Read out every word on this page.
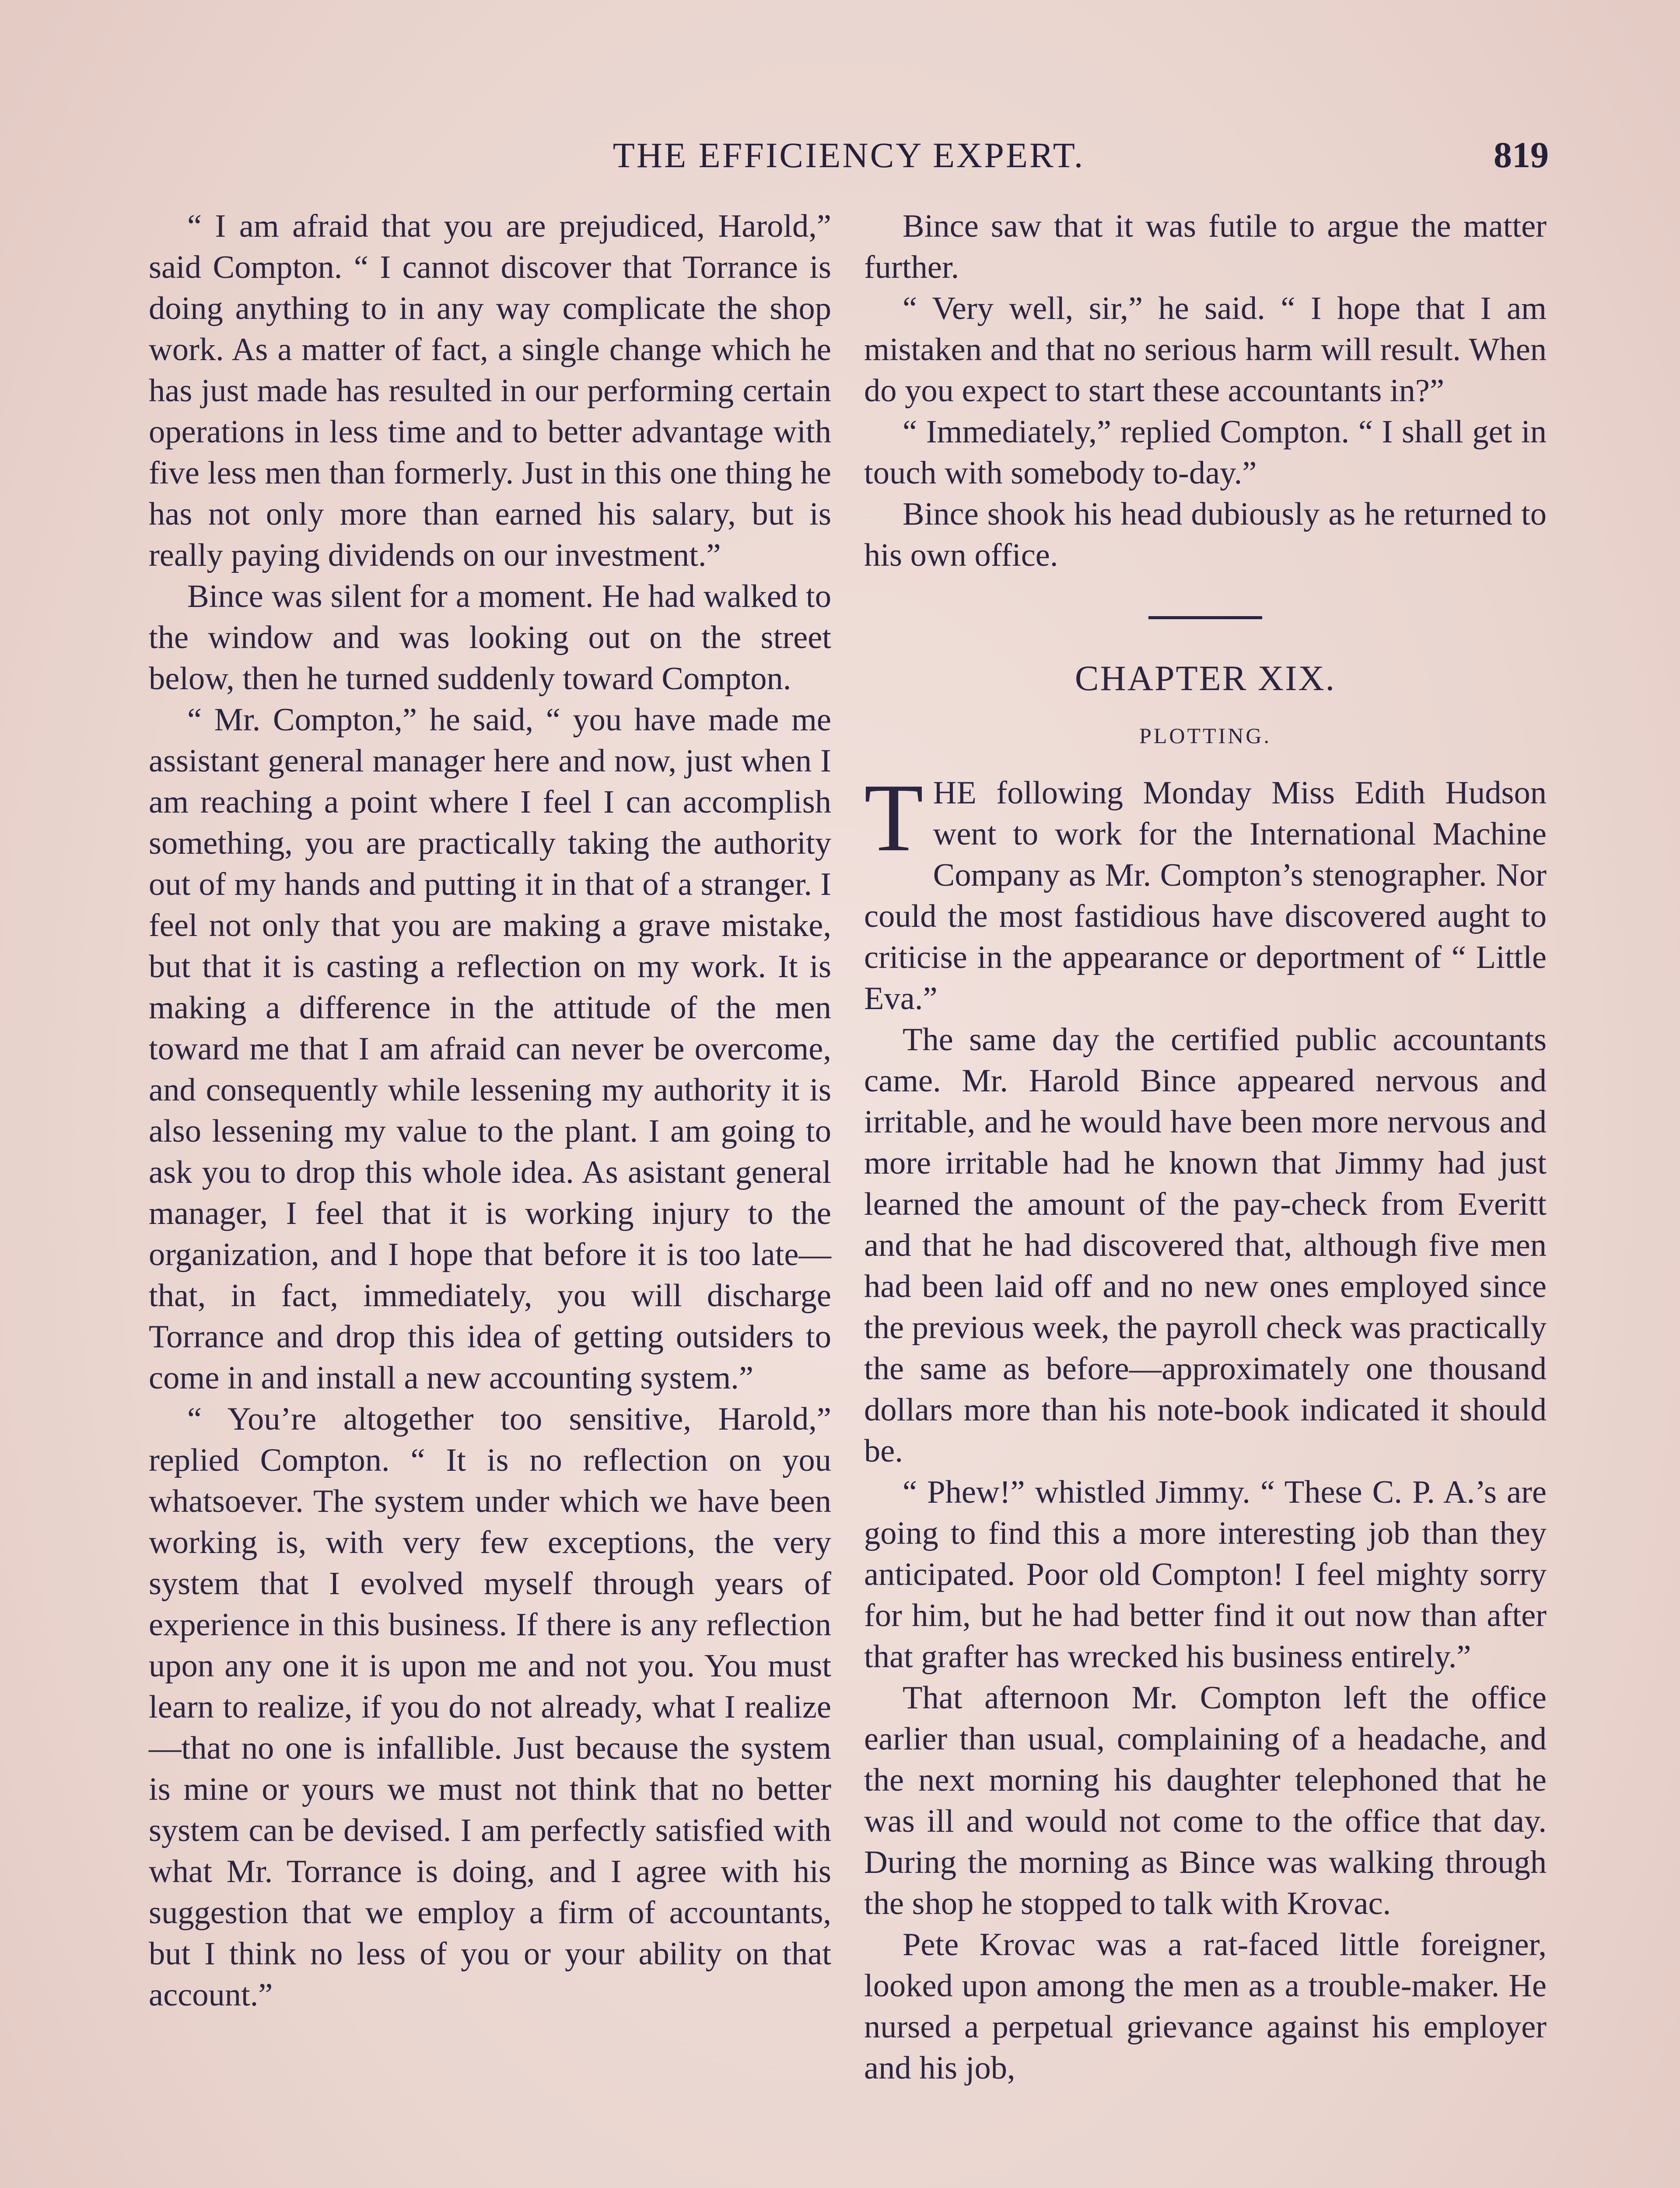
THE EFFICIENCY EXPERT.	819

“ I am afraid that you are prejudiced, Harold,” said Compton. “ I cannot discover that Torrance is doing anything to in any way complicate the shop work. As a matter of fact, a single change which he has just made has resulted in our performing certain operations in less time and to better advantage with five less men than formerly. Just in this one thing he has not only more than earned his salary, but is really paying dividends on our investment.”

Bince was silent for a moment. He had walked to the window and was looking out on the street below, then he turned suddenly toward Compton.

“ Mr. Compton,” he said, “ you have made me assistant general manager here and now, just when I am reaching a point where I feel I can accomplish something, you are practically taking the authority out of my hands and putting it in that of a stranger. I feel not only that you are making a grave mistake, but that it is casting a reflection on my work. It is making a difference in the attitude of the men toward me that I am afraid can never be overcome, and consequently while lessening my authority it is also lessening my value to the plant. I am going to ask you to drop this whole idea. As asistant general manager, I feel that it is working injury to the organization, and I hope that before it is too late—that, in fact, immediately, you will discharge Torrance and drop this idea of getting outsiders to come in and install a new accounting system.”

“ You’re altogether too sensitive, Harold,” replied Compton. “ It is no reflection on you whatsoever. The system under which we have been working is, with very few exceptions, the very system that I evolved myself through years of experience in this business. If there is any reflection upon any one it is upon me and not you. You must learn to realize, if you do not already, what I realize—that no one is infallible. Just because the system is mine or yours we must not think that no better system can be devised. I am perfectly satisfied with what Mr. Torrance is doing, and I agree with his suggestion that we employ a firm of accountants, but I think no less of you or your ability on that account.”

Bince saw that it was futile to argue the matter further.

“ Very well, sir,” he said. “ I hope that I am mistaken and that no serious harm will result. When do you expect to start these accountants in?”

“ Immediately,” replied Compton. “ I shall get in touch with somebody to-day.”

Bince shook his head dubiously as he returned to his own office.

CHAPTER XIX.
PLOTTING.

THE following Monday Miss Edith Hudson went to work for the International Machine Company as Mr. Compton’s stenographer. Nor could the most fastidious have discovered aught to criticise in the appearance or deportment of “ Little Eva.”

The same day the certified public accountants came. Mr. Harold Bince appeared nervous and irritable, and he would have been more nervous and more irritable had he known that Jimmy had just learned the amount of the pay-check from Everitt and that he had discovered that, although five men had been laid off and no new ones employed since the previous week, the payroll check was practically the same as before—approximately one thousand dollars more than his note-book indicated it should be.

“ Phew!” whistled Jimmy. “ These C. P. A.’s are going to find this a more interesting job than they anticipated. Poor old Compton! I feel mighty sorry for him, but he had better find it out now than after that grafter has wrecked his business entirely.”

That afternoon Mr. Compton left the office earlier than usual, complaining of a headache, and the next morning his daughter telephoned that he was ill and would not come to the office that day. During the morning as Bince was walking through the shop he stopped to talk with Krovac.

Pete Krovac was a rat-faced little foreigner, looked upon among the men as a trouble-maker. He nursed a perpetual grievance against his employer and his job,
